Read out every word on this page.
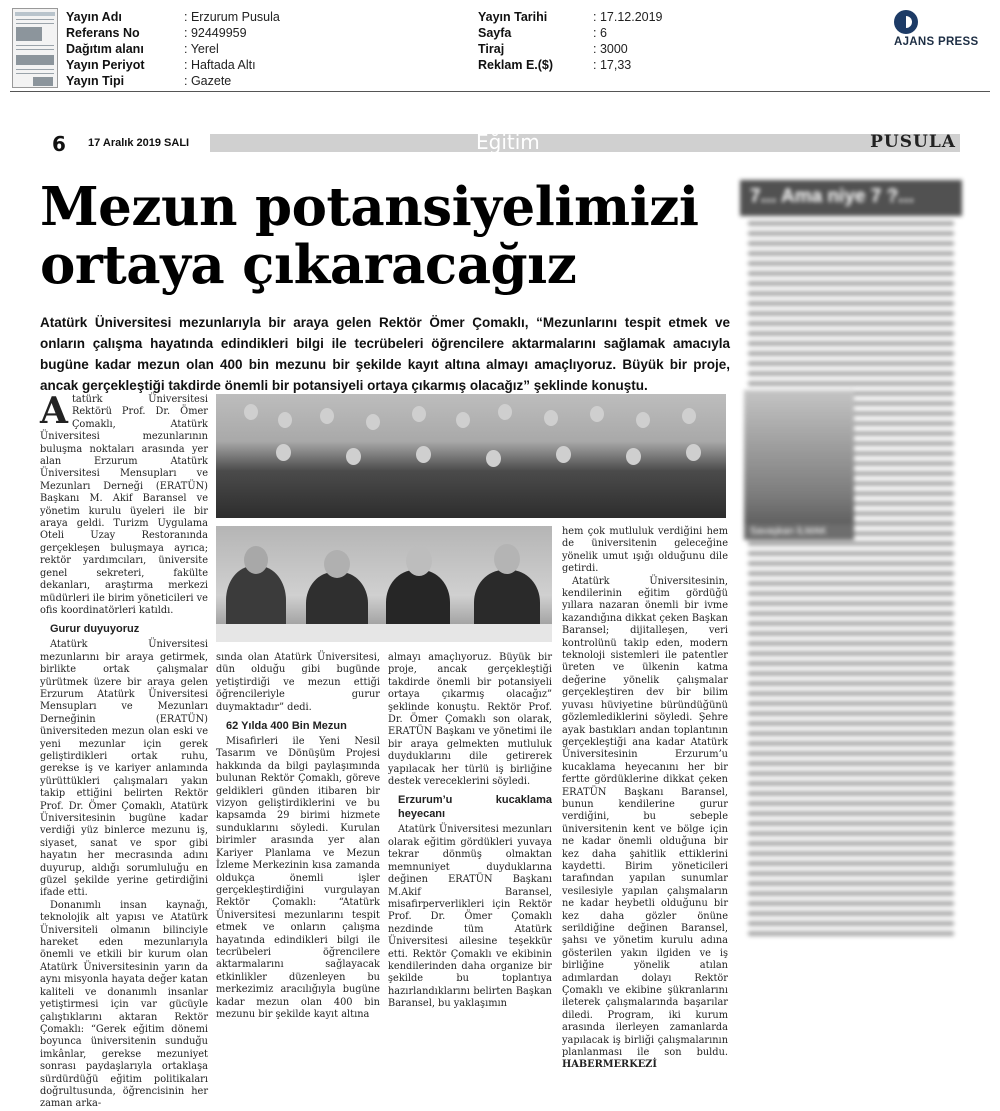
Yayın Adı	: Erzurum Pusula
Referans No	: 92449959
Dağıtım alanı	: Yerel
Yayın Periyot	: Haftada Altı
Yayın Tipi	: Gazete
Yayın Tarihi	: 17.12.2019
Sayfa	: 6
Tiraj	: 3000
Reklam E.($)	: 17,33
AJANS PRESS
6 17 Aralık 2019 SALI	Eğitim	PUSULA
Mezun potansiyelimizi
ortaya çıkaracağız

Atatürk Üniversitesi mezunlarıyla bir araya gelen Rektör Ömer Çomaklı, “Mezunlarını tespit etmek ve onların çalışma hayatında edindikleri bilgi ile tecrübeleri öğrencilere aktarmalarını sağlamak amacıyla bugüne kadar mezun olan 400 bin mezunu bir şekilde kayıt altına almayı amaçlıyoruz. Büyük bir proje, ancak gerçekleştiği takdirde önemli bir potansiyeli ortaya çıkarmış olacağız” şeklinde konuştu.

Atatürk Üniversitesi Rektörü Prof. Dr. Ömer Çomaklı, Atatürk Üniversitesi mezunlarının buluşma noktaları arasında yer alan Erzurum Atatürk Üniversitesi Mensupları ve Mezunları Derneği (ERATÜN) Başkanı M. Akif Baransel ve yönetim kurulu üyeleri ile bir araya geldi. Turizm Uygulama Oteli Uzay Restoranında gerçekleşen buluşmaya ayrıca; rektör yardımcıları, üniversite genel sekreteri, fakülte dekanları, araştırma merkezi müdürleri ile birim yöneticileri ve ofis koordinatörleri katıldı.

Gurur duyuyoruz

Atatürk Üniversitesi mezunlarını bir araya getirmek, birlikte ortak çalışmalar yürütmek üzere bir araya gelen Erzurum Atatürk Üniversitesi Mensupları ve Mezunları Derneğinin (ERATÜN) üniversiteden mezun olan eski ve yeni mezunlar için gerek geliştirdikleri ortak ruhu, gerekse iş ve kariyer anlamında yürüttükleri çalışmaları yakın takip ettiğini belirten Rektör Prof. Dr. Ömer Çomaklı, Atatürk Üniversitesinin bugüne kadar verdiği yüz binlerce mezunu iş, siyaset, sanat ve spor gibi hayatın her mecrasında adını duyurup, aldığı sorumluluğu en güzel şekilde yerine getirdiğini ifade etti.

Donanımlı insan kaynağı, teknolojik alt yapısı ve Atatürk Üniversiteli olmanın bilinciyle hareket eden mezunlarıyla önemli ve etkili bir kurum olan Atatürk Üniversitesinin yarın da aynı misyonla hayata değer katan kaliteli ve donanımlı insanlar yetiştirmesi için var gücüyle çalıştıklarını aktaran Rektör Çomaklı: “Gerek eğitim dönemi boyunca üniversitenin sunduğu imkânlar, gerekse mezuniyet sonrası paydaşlarıyla ortaklaşa sürdürdüğü eğitim politikaları doğrultusunda, öğrencisinin her zaman arka-

sında olan Atatürk Üniversitesi, dün olduğu gibi bugünde yetiştirdiği ve mezun ettiği öğrencileriyle gurur duymaktadır” dedi.

62 Yılda 400 Bin Mezun

Misafirleri ile Yeni Nesil Tasarım ve Dönüşüm Projesi hakkında da bilgi paylaşımında bulunan Rektör Çomaklı, göreve geldikleri günden itibaren bir vizyon geliştirdiklerini ve bu kapsamda 29 birimi hizmete sunduklarını söyledi. Kurulan birimler arasında yer alan Kariyer Planlama ve Mezun İzleme Merkezinin kısa zamanda oldukça önemli işler gerçekleştirdiğini vurgulayan Rektör Çomaklı: “Atatürk Üniversitesi mezunlarını tespit etmek ve onların çalışma hayatında edindikleri bilgi ile tecrübeleri öğrencilere aktarmalarını sağlayacak etkinlikler düzenleyen bu merkezimiz aracılığıyla bugüne kadar mezun olan 400 bin mezunu bir şekilde kayıt altına

almayı amaçlıyoruz. Büyük bir proje, ancak gerçekleştiği takdirde önemli bir potansiyeli ortaya çıkarmış olacağız” şeklinde konuştu. Rektör Prof. Dr. Ömer Çomaklı son olarak, ERATÜN Başkanı ve yönetimi ile bir araya gelmekten mutluluk duyduklarını dile getirerek yapılacak her türlü iş birliğine destek vereceklerini söyledi.

Erzurum’u kucaklama heyecanı

Atatürk Üniversitesi mezunları olarak eğitim gördükleri yuvaya tekrar dönmüş olmaktan memnuniyet duyduklarına değinen ERATÜN Başkanı M.Akif Baransel, misafirperverlikleri için Rektör Prof. Dr. Ömer Çomaklı nezdinde tüm Atatürk Üniversitesi ailesine teşekkür etti. Rektör Çomaklı ve ekibinin kendilerinden daha organize bir şekilde bu toplantıya hazırlandıklarını belirten Başkan Baransel, bu yaklaşımın

hem çok mutluluk verdiğini hem de üniversitenin geleceğine yönelik umut ışığı olduğunu dile getirdi.

Atatürk Üniversitesinin, kendilerinin eğitim gördüğü yıllara nazaran önemli bir ivme kazandığına dikkat çeken Başkan Baransel; dijitalleşen, veri kontrolünü takip eden, modern teknoloji sistemleri ile patentler üreten ve ülkenin katma değerine yönelik çalışmalar gerçekleştiren dev bir bilim yuvası hüviyetine büründüğünü gözlemlediklerini söyledi. Şehre ayak bastıkları andan toplantının gerçekleştiği ana kadar Atatürk Üniversitesinin Erzurum’u kucaklama heyecanını her bir fertte gördüklerine dikkat çeken ERATÜN Başkanı Baransel, bunun kendilerine gurur verdiğini, bu sebeple üniversitenin kent ve bölge için ne kadar önemli olduğuna bir kez daha şahitlik ettiklerini kaydetti. Birim yöneticileri tarafından yapılan sunumlar vesilesiyle yapılan çalışmaların ne kadar heybetli olduğunu bir kez daha gözler önüne serildiğine değinen Baransel, şahsı ve yönetim kurulu adına gösterilen yakın ilgiden ve iş birliğine yönelik atılan adımlardan dolayı Rektör Çomaklı ve ekibine şükranlarını ileterek çalışmalarında başarılar diledi. Program, iki kurum arasında ilerleyen zamanlarda yapılacak iş birliği çalışmalarının planlanması ile son buldu. HABERMERKEZİ

7... Ama niye 7 ?...
Savaşkan İLMAK
